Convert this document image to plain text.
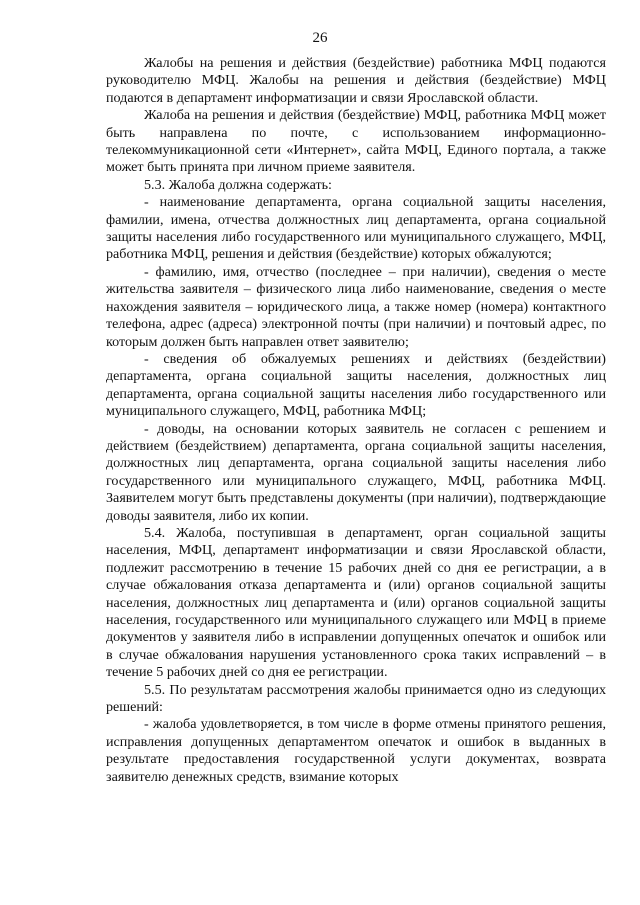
26

Жалобы на решения и действия (бездействие) работника МФЦ подаются руководителю МФЦ. Жалобы на решения и действия (бездействие) МФЦ подаются в департамент информатизации и связи Ярославской области.

Жалоба на решения и действия (бездействие) МФЦ, работника МФЦ может быть направлена по почте, с использованием информационно-телекоммуникационной сети «Интернет», сайта МФЦ, Единого портала, а также может быть принята при личном приеме заявителя.

5.3. Жалоба должна содержать:

- наименование департамента, органа социальной защиты населения, фамилии, имена, отчества должностных лиц департамента, органа социальной защиты населения либо государственного или муниципального служащего, МФЦ, работника МФЦ, решения и действия (бездействие) которых обжалуются;

- фамилию, имя, отчество (последнее – при наличии), сведения о месте жительства заявителя – физического лица либо наименование, сведения о месте нахождения заявителя – юридического лица, а также номер (номера) контактного телефона, адрес (адреса) электронной почты (при наличии) и почтовый адрес, по которым должен быть направлен ответ заявителю;

- сведения об обжалуемых решениях и действиях (бездействии) департамента, органа социальной защиты населения, должностных лиц департамента, органа социальной защиты населения либо государственного или муниципального служащего, МФЦ, работника МФЦ;

- доводы, на основании которых заявитель не согласен с решением и действием (бездействием) департамента, органа социальной защиты населения, должностных лиц департамента, органа социальной защиты населения либо государственного или муниципального служащего, МФЦ, работника МФЦ. Заявителем могут быть представлены документы (при наличии), подтверждающие доводы заявителя, либо их копии.

5.4. Жалоба, поступившая в департамент, орган социальной защиты населения, МФЦ, департамент информатизации и связи Ярославской области, подлежит рассмотрению в течение 15 рабочих дней со дня ее регистрации, а в случае обжалования отказа департамента и (или) органов социальной защиты населения, должностных лиц департамента и (или) органов социальной защиты населения, государственного или муниципального служащего или МФЦ в приеме документов у заявителя либо в исправлении допущенных опечаток и ошибок или в случае обжалования нарушения установленного срока таких исправлений – в течение 5 рабочих дней со дня ее регистрации.

5.5. По результатам рассмотрения жалобы принимается одно из следующих решений:

- жалоба удовлетворяется, в том числе в форме отмены принятого решения, исправления допущенных департаментом опечаток и ошибок в выданных в результате предоставления государственной услуги документах, возврата заявителю денежных средств, взимание которых
